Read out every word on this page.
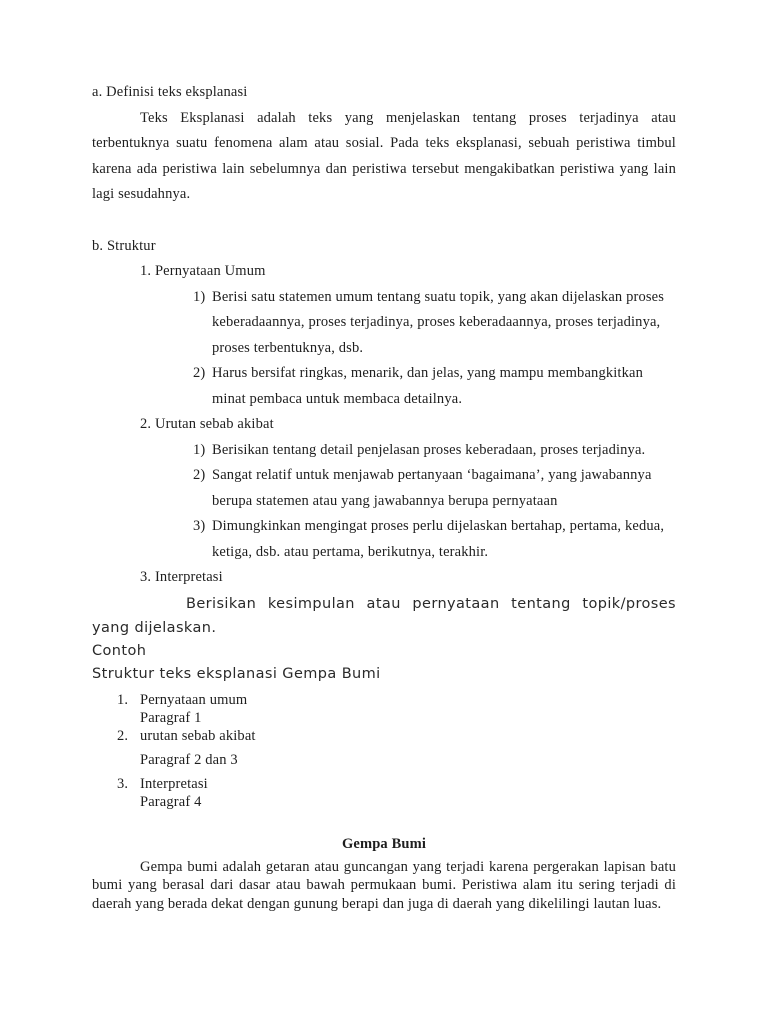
a. Definisi teks eksplanasi

Teks Eksplanasi adalah teks yang menjelaskan tentang proses terjadinya atau terbentuknya suatu fenomena alam atau sosial. Pada teks eksplanasi, sebuah peristiwa timbul karena ada peristiwa lain sebelumnya dan peristiwa tersebut mengakibatkan peristiwa yang lain lagi sesudahnya.

b. Struktur

1. Pernyataan Umum

1) Berisi satu statemen umum tentang suatu topik, yang akan dijelaskan proses keberadaannya, proses terjadinya, proses keberadaannya, proses terjadinya, proses terbentuknya, dsb.
2) Harus bersifat ringkas, menarik, dan jelas, yang mampu membangkitkan minat pembaca untuk membaca detailnya.

2. Urutan sebab akibat

1) Berisikan tentang detail penjelasan proses keberadaan, proses terjadinya.
2) Sangat relatif untuk menjawab pertanyaan ‘bagaimana’, yang jawabannya berupa statemen atau yang jawabannya berupa pernyataan
3) Dimungkinkan mengingat proses perlu dijelaskan bertahap, pertama, kedua, ketiga, dsb. atau pertama, berikutnya, terakhir.

3. Interpretasi

Berisikan kesimpulan atau pernyataan tentang topik/proses yang dijelaskan.

Contoh

Struktur teks eksplanasi Gempa Bumi

1. Pernyataan umum
Paragraf 1
2. urutan sebab akibat
Paragraf 2 dan 3
3. Interpretasi
Paragraf 4

Gempa Bumi

Gempa bumi adalah getaran atau guncangan yang terjadi karena pergerakan lapisan batu bumi yang berasal dari dasar atau bawah permukaan bumi. Peristiwa alam itu sering terjadi di daerah yang berada dekat dengan gunung berapi dan juga di daerah yang dikelilingi lautan luas.
